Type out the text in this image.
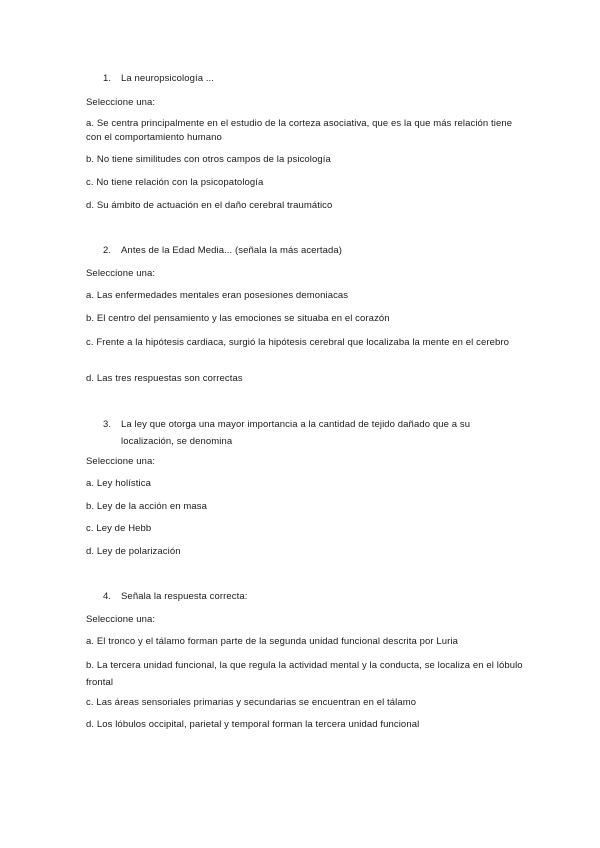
1.	La neuropsicología ...
Seleccione una:
a. Se centra principalmente en el estudio de la corteza asociativa, que es la que más relación tiene con el comportamiento humano
b. No tiene similitudes con otros campos de la psicología
c. No tiene relación con la psicopatología
d. Su ámbito de actuación en el daño cerebral traumático
2.	Antes de la Edad Media... (señala la más acertada)
Seleccione una:
a. Las enfermedades mentales eran posesiones demoniacas
b. El centro del pensamiento y las emociones se situaba en el corazón
c. Frente a la hipótesis cardiaca, surgió la hipótesis cerebral que localizaba la mente en el cerebro
d. Las tres respuestas son correctas
3.	La ley que otorga una mayor importancia a la cantidad de tejido dañado que a su localización, se denomina
Seleccione una:
a. Ley holística
b. Ley de la acción en masa
c. Ley de Hebb
d. Ley de polarización
4.	Señala la respuesta correcta:
Seleccione una:
a. El tronco y el tálamo forman parte de la segunda unidad funcional descrita por Luria
b. La tercera unidad funcional, la que regula la actividad mental y la conducta, se localiza en el lóbulo frontal
c. Las áreas sensoriales primarias y secundarias se encuentran en el tálamo
d. Los lóbulos occipital, parietal y temporal forman la tercera unidad funcional
